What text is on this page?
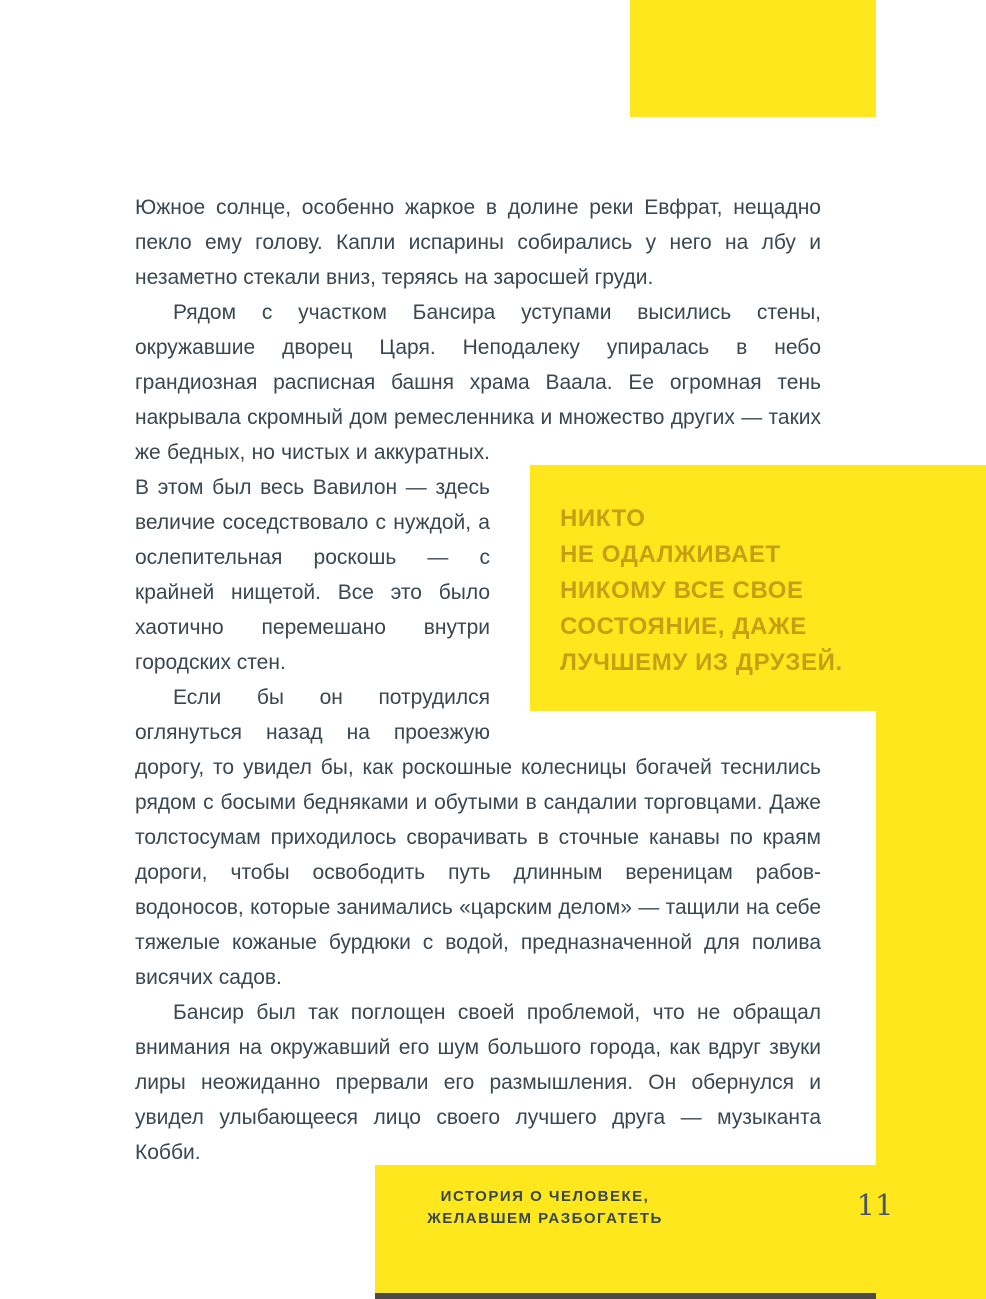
НИКТО
НЕ ОДАЛЖИВАЕТ
НИКОМУ ВСЕ СВОЕ
СОСТОЯНИЕ, ДАЖЕ
ЛУЧШЕМУ ИЗ ДРУЗЕЙ.

Южное солнце, особенно жаркое в долине реки Евфрат, нещадно пекло ему голову. Капли испарины собирались у него на лбу и незаметно стекали вниз, теряясь на заросшей груди.

Рядом с участком Бансира уступами высились стены, окружавшие дворец Царя. Неподалеку упиралась в небо грандиозная расписная башня храма Ваала. Ее огромная тень накрывала скромный дом ремесленника и множество других — таких же бедных, но чистых и аккуратных. В этом был весь Вавилон — здесь величие соседствовало с нуждой, а ослепительная роскошь — с крайней нищетой. Все это было хаотично перемешано внутри городских стен.

Если бы он потрудился оглянуться назад на проезжую дорогу, то увидел бы, как роскошные колесницы богачей теснились рядом с босыми бедняками и обутыми в сандалии торговцами. Даже толстосумам приходилось сворачивать в сточные канавы по краям дороги, чтобы освободить путь длинным вереницам рабов-водоносов, которые занимались «царским делом» — тащили на себе тяжелые кожаные бурдюки с водой, предназначенной для полива висячих садов.

Бансир был так поглощен своей проблемой, что не обращал внимания на окружавший его шум большого города, как вдруг звуки лиры неожиданно прервали его размышления. Он обернулся и увидел улыбающееся лицо своего лучшего друга — музыканта Кобби.

ИСТОРИЯ О ЧЕЛОВЕКЕ,
ЖЕЛАВШЕМ РАЗБОГАТЕТЬ	11
